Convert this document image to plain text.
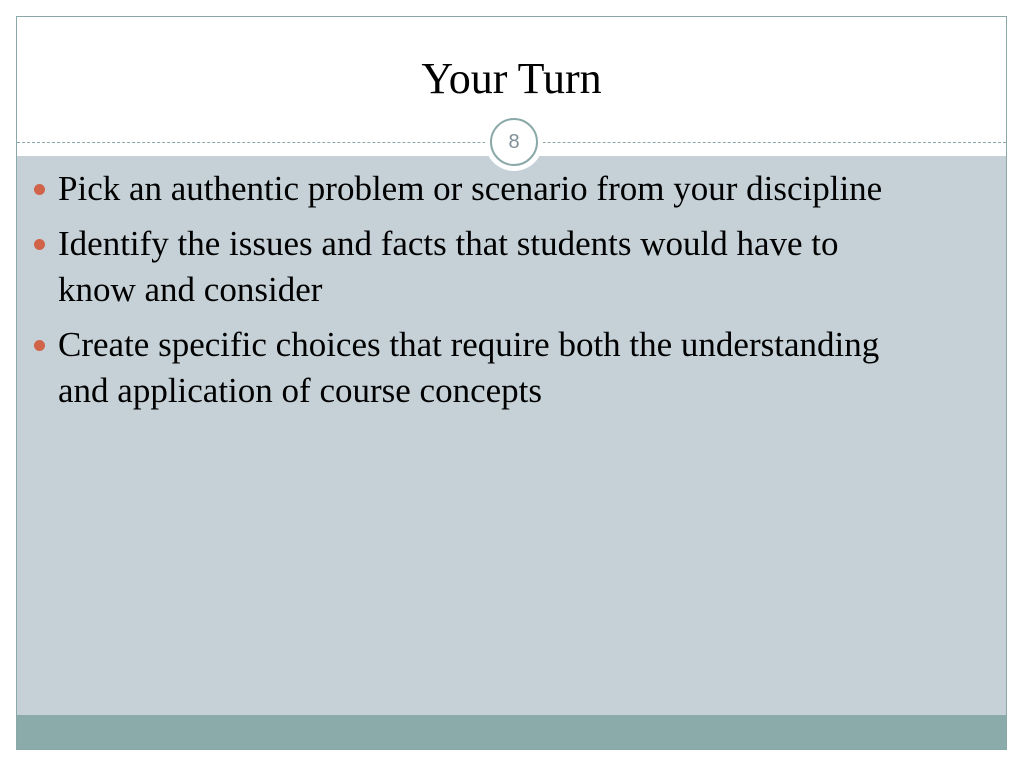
Your Turn
8
Pick an authentic problem or scenario from your discipline
Identify the issues and facts that students would have to know and consider
Create specific choices that require both the understanding and application of course concepts
